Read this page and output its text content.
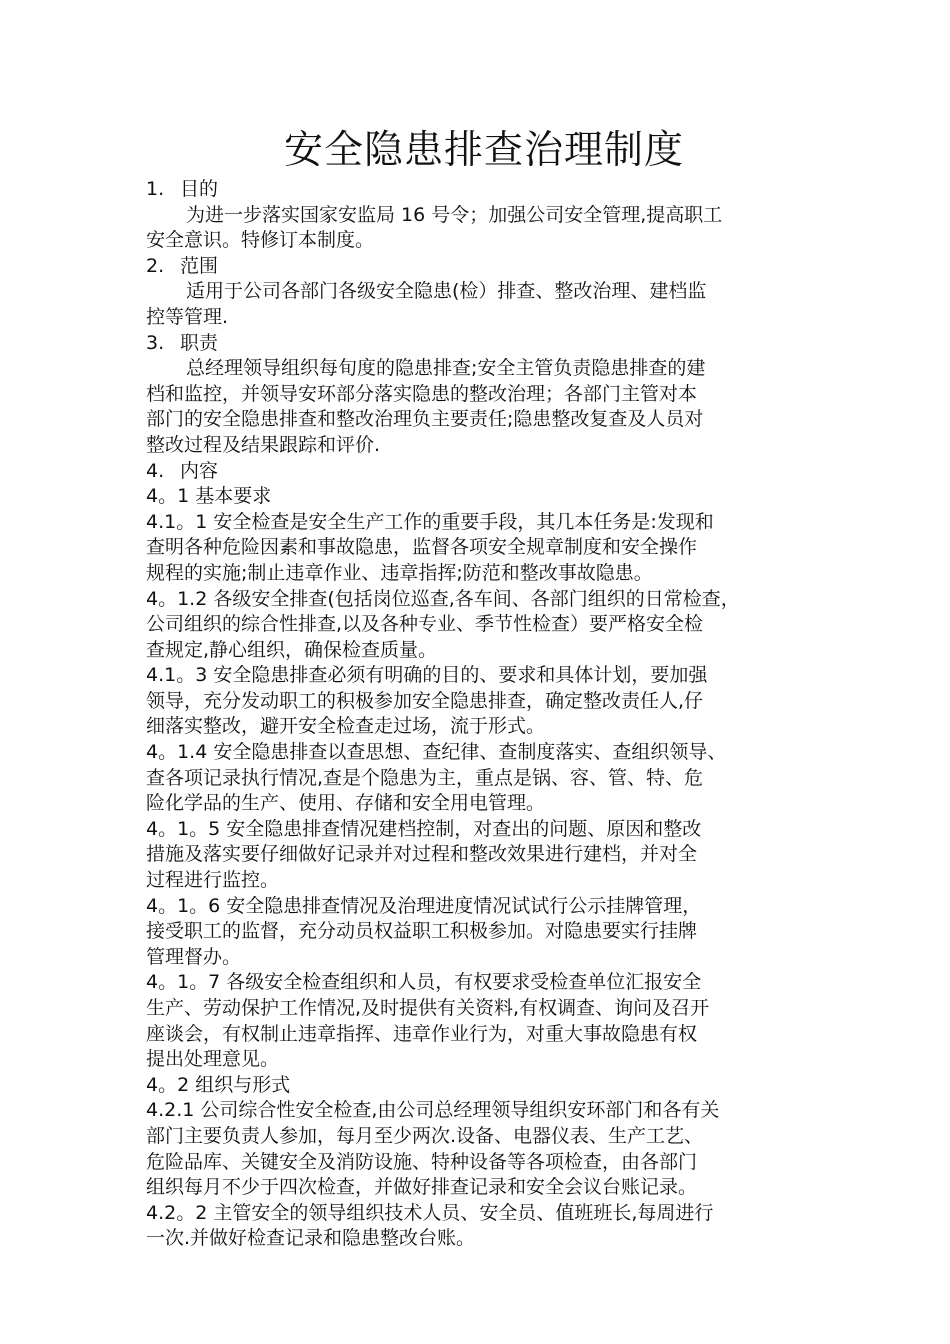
安全隐患排查治理制度
1. 目的
为进一步落实国家安监局 16 号令；加强公司安全管理,提高职工
安全意识。特修订本制度。
2. 范围
适用于公司各部门各级安全隐患(检）排查、整改治理、建档监
控等管理.
3. 职责
总经理领导组织每旬度的隐患排查;安全主管负责隐患排查的建
档和监控，并领导安环部分落实隐患的整改治理；各部门主管对本
部门的安全隐患排查和整改治理负主要责任;隐患整改复查及人员对
整改过程及结果跟踪和评价.
4. 内容
4。1 基本要求
4.1。1 安全检查是安全生产工作的重要手段，其几本任务是:发现和
查明各种危险因素和事故隐患，监督各项安全规章制度和安全操作
规程的实施;制止违章作业、违章指挥;防范和整改事故隐患。
4。1.2 各级安全排查(包括岗位巡查,各车间、各部门组织的日常检查，
公司组织的综合性排查,以及各种专业、季节性检查）要严格安全检
查规定,静心组织，确保检查质量。
4.1。3 安全隐患排查必须有明确的目的、要求和具体计划，要加强
领导，充分发动职工的积极参加安全隐患排查，确定整改责任人,仔
细落实整改，避开安全检查走过场，流于形式。
4。1.4 安全隐患排查以查思想、查纪律、查制度落实、查组织领导、
查各项记录执行情况,查是个隐患为主，重点是锅、容、管、特、危
险化学品的生产、使用、存储和安全用电管理。
4。1。5 安全隐患排查情况建档控制，对查出的问题、原因和整改
措施及落实要仔细做好记录并对过程和整改效果进行建档，并对全
过程进行监控。
4。1。6 安全隐患排查情况及治理进度情况试试行公示挂牌管理，
接受职工的监督，充分动员权益职工积极参加。对隐患要实行挂牌
管理督办。
4。1。7 各级安全检查组织和人员，有权要求受检查单位汇报安全
生产、劳动保护工作情况,及时提供有关资料,有权调查、询问及召开
座谈会，有权制止违章指挥、违章作业行为，对重大事故隐患有权
提出处理意见。
4。2 组织与形式
4.2.1 公司综合性安全检查,由公司总经理领导组织安环部门和各有关
部门主要负责人参加，每月至少两次.设备、电器仪表、生产工艺、
危险品库、关键安全及消防设施、特种设备等各项检查，由各部门
组织每月不少于四次检查，并做好排查记录和安全会议台账记录。
4.2。2 主管安全的领导组织技术人员、安全员、值班班长,每周进行
一次.并做好检查记录和隐患整改台账。
